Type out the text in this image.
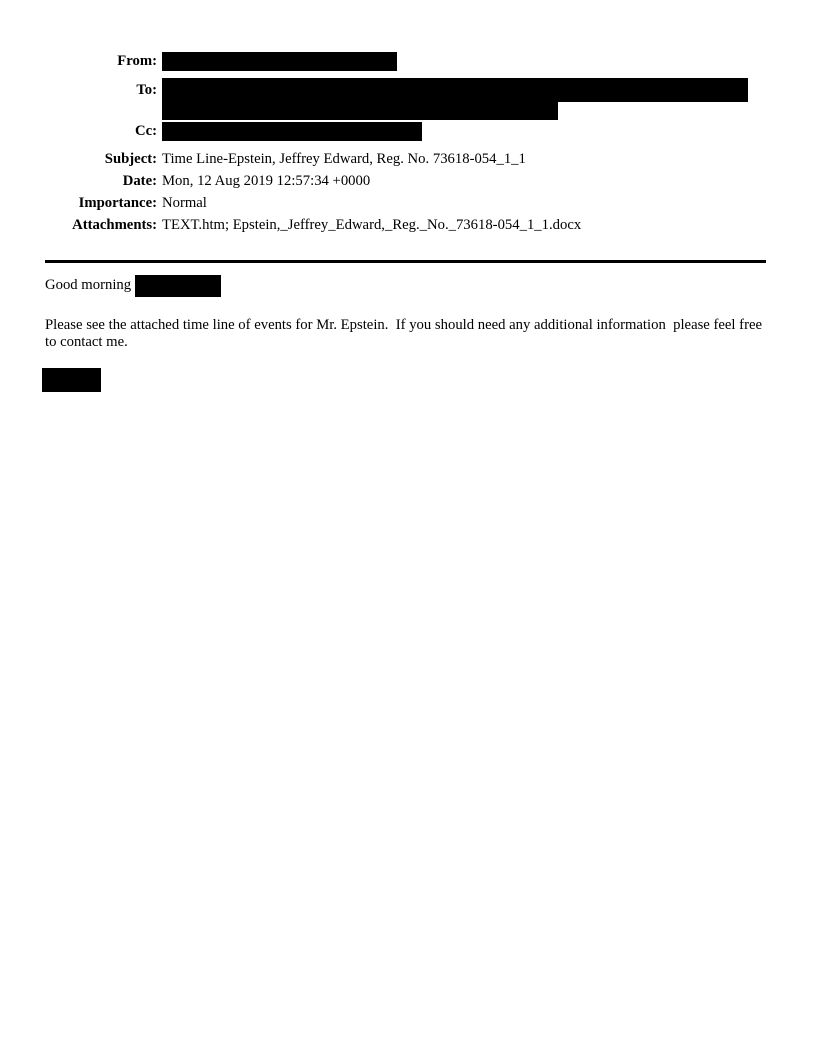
From:
To:
Cc:
Subject: Time Line-Epstein, Jeffrey Edward, Reg. No. 73618-054_1_1
Date: Mon, 12 Aug 2019 12:57:34 +0000
Importance: Normal
Attachments: TEXT.htm; Epstein,_Jeffrey_Edward,_Reg._No._73618-054_1_1.docx

Good morning

Please see the attached time line of events for Mr. Epstein.  If you should need any additional information  please feel free to contact me.
